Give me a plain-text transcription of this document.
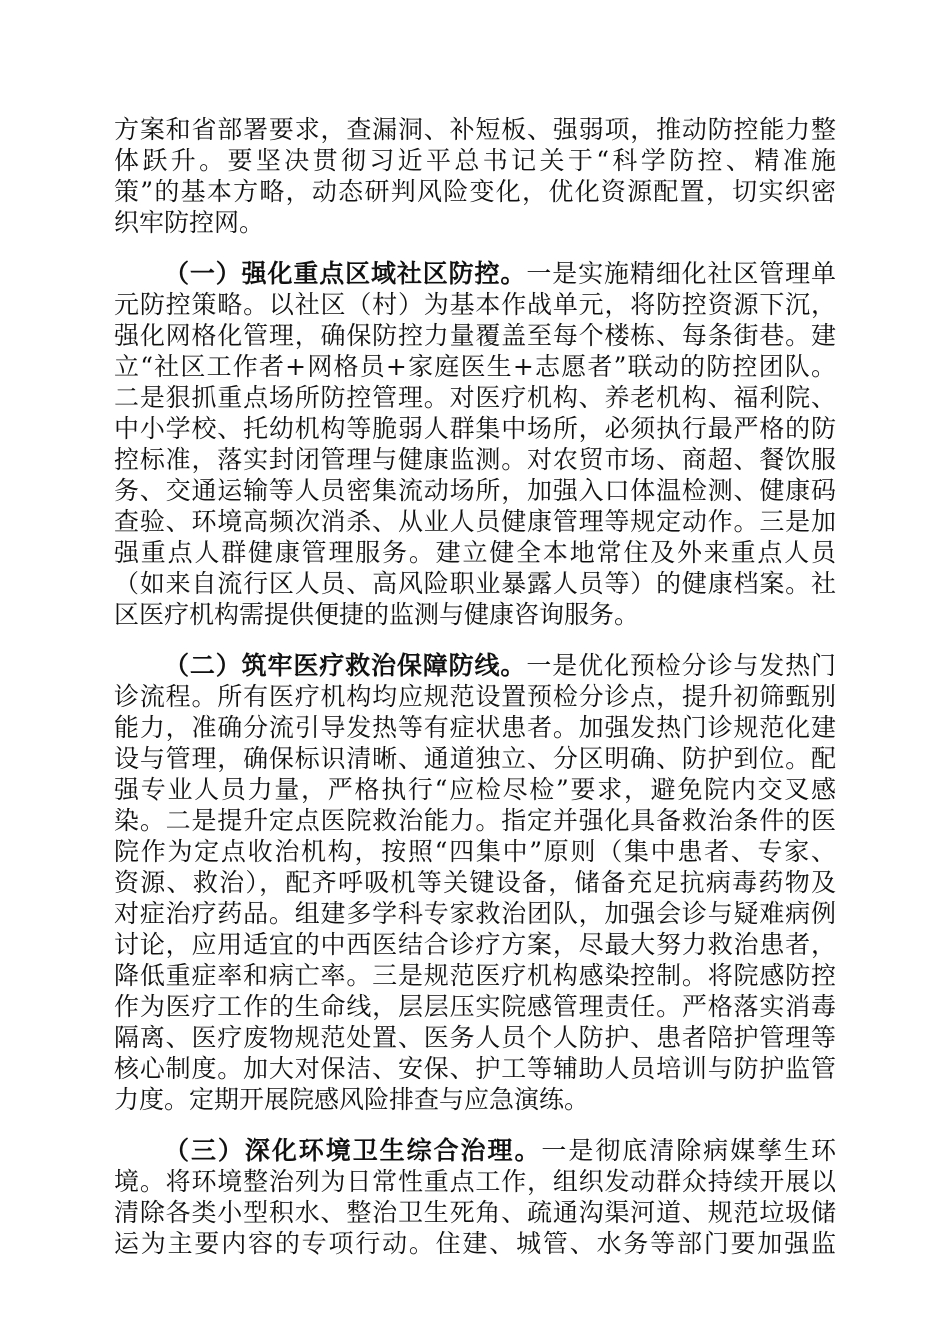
方案和省部署要求，查漏洞、补短板、强弱项，推动防控能力整
体跃升。要坚决贯彻习近平总书记关于“科学防控、精准施
策”的基本方略，动态研判风险变化，优化资源配置，切实织密
织牢防控网。
（一）强化重点区域社区防控。一是实施精细化社区管理单
元防控策略。以社区（村）为基本作战单元，将防控资源下沉，
强化网格化管理，确保防控力量覆盖至每个楼栋、每条街巷。建
立“社区工作者+网格员+家庭医生+志愿者”联动的防控团队。
二是狠抓重点场所防控管理。对医疗机构、养老机构、福利院、
中小学校、托幼机构等脆弱人群集中场所，必须执行最严格的防
控标准，落实封闭管理与健康监测。对农贸市场、商超、餐饮服
务、交通运输等人员密集流动场所，加强入口体温检测、健康码
查验、环境高频次消杀、从业人员健康管理等规定动作。三是加
强重点人群健康管理服务。建立健全本地常住及外来重点人员
（如来自流行区人员、高风险职业暴露人员等）的健康档案。社
区医疗机构需提供便捷的监测与健康咨询服务。
（二）筑牢医疗救治保障防线。一是优化预检分诊与发热门
诊流程。所有医疗机构均应规范设置预检分诊点，提升初筛甄别
能力，准确分流引导发热等有症状患者。加强发热门诊规范化建
设与管理，确保标识清晰、通道独立、分区明确、防护到位。配
强专业人员力量，严格执行“应检尽检”要求，避免院内交叉感
染。二是提升定点医院救治能力。指定并强化具备救治条件的医
院作为定点收治机构，按照“四集中”原则（集中患者、专家、
资源、救治），配齐呼吸机等关键设备，储备充足抗病毒药物及
对症治疗药品。组建多学科专家救治团队，加强会诊与疑难病例
讨论，应用适宜的中西医结合诊疗方案，尽最大努力救治患者，
降低重症率和病亡率。三是规范医疗机构感染控制。将院感防控
作为医疗工作的生命线，层层压实院感管理责任。严格落实消毒
隔离、医疗废物规范处置、医务人员个人防护、患者陪护管理等
核心制度。加大对保洁、安保、护工等辅助人员培训与防护监管
力度。定期开展院感风险排查与应急演练。
（三）深化环境卫生综合治理。一是彻底清除病媒孳生环
境。将环境整治列为日常性重点工作，组织发动群众持续开展以
清除各类小型积水、整治卫生死角、疏通沟渠河道、规范垃圾储
运为主要内容的专项行动。住建、城管、水务等部门要加强监
